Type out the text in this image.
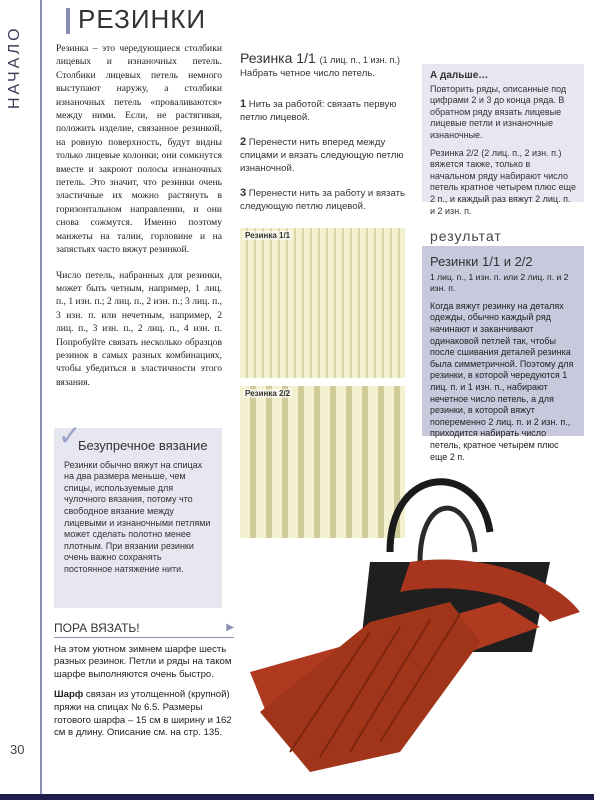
НАЧАЛО
30
РЕЗИНКИ

Резинка – это чередующиеся столбики лицевых и изнаночных петель. Столбики лицевых петель немного выступают наружу, а столбики изнаночных петель «проваливаются» между ними. Если, не растягивая, положить изделие, связанное резинкой, на ровную поверхность, будут видны только лицевые колонки; они сомкнутся вместе и закроют полосы изнаночных петель. Это значит, что резинки очень эластичные их можно растянуть в горизонтальном направлении, и они снова сожмутся. Именно поэтому манжеты на талии, горловине и на запястьях часто вяжут резинкой.

Число петель, набранных для резинки, может быть четным, например, 1 лиц. п., 1 изн. п.; 2 лиц. п., 2 изн. п.; 3 лиц. п., 3 изн. п. или нечетным, например, 2 лиц. п., 3 изн. п., 2 лиц. п., 4 изн. п. Попробуйте связать несколько образцов резинок в самых разных комбинациях, чтобы убедиться в эластичности этого вязания.

Резинка 1/1 (1 лиц. п., 1 изн. п.)
Набрать четное число петель.
1 Нить за работой: связать первую петлю лицевой.
2 Перенести нить вперед между спицами и вязать следующую петлю изнаночной.
3 Перенести нить за работу и вязать следующую петлю лицевой.
А дальше…

Повторить ряды, описанные под цифрами 2 и 3 до конца ряда. В обратном ряду вязать лицевые лицевые петли и изнаночные изнаночные.

Резинка 2/2 (2 лиц. п., 2 изн. п.) вяжется также, только в начальном ряду набирают число петель кратное четырем плюс еще 2 п., и каждый раз вяжут 2 лиц. п. и 2 изн. п.

Резинка 1/1
Резинка 2/2
результат
Резинки 1/1 и 2/2
1 лиц. п., 1 изн. п. или 2 лиц. п. и 2 изн. п.
Когда вяжут резинку на деталях одежды, обычно каждый ряд начинают и заканчивают одинаковой петлей так, чтобы после сшивания деталей резинка была симметричной. Поэтому для резинки, в которой чередуются 1 лиц. п. и 1 изн. п., набирают нечетное число петель, а для резинки, в которой вяжут попеременно 2 лиц. п. и 2 изн. п., приходится набирать число петель, кратное четырем плюс еще 2 п.
✓
Безупречное вязание
Резинки обычно вяжут на спицах на два размера меньше, чем спицы, используемые для чулочного вязания, потому что свободное вязание между лицевыми и изнаночными петлями может сделать полотно менее плотным. При вязании резинки очень важно сохранять постоянное натяжение нити.
ПОРА ВЯЗАТЬ!	▶

На этом уютном зимнем шарфе шесть разных резинок. Петли и ряды на таком шарфе выполняются очень быстро.

Шарф связан из утолщенной (крупной) пряжи на спицах № 6.5. Размеры готового шарфа – 15 см в ширину и 162 см в длину. Описание см. на стр. 135.
